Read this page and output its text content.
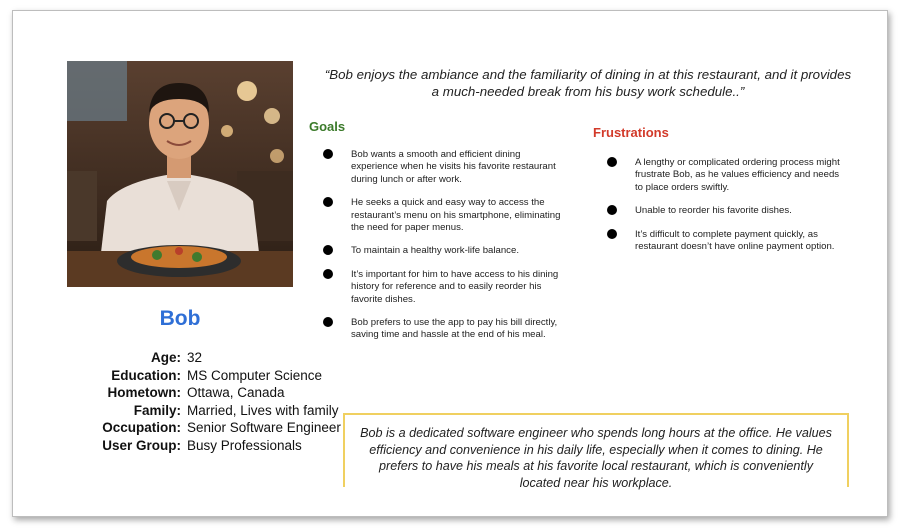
Bob
Age: 32
Education: MS Computer Science
Hometown: Ottawa, Canada
Family: Married, Lives with family
Occupation: Senior Software Engineer
User Group: Busy Professionals
“Bob enjoys the ambiance and the familiarity of dining in at this restaurant, and it provides a much-needed break from his busy work schedule..”
Goals
Bob wants a smooth and efficient dining experience when he visits his favorite restaurant during lunch or after work.
He seeks a quick and easy way to access the restaurant’s menu on his smartphone, eliminating the need for paper menus.
To maintain a healthy work-life balance.
It’s important for him to have access to his dining history for reference and to easily reorder his favorite dishes.
Bob prefers to use the app to pay his bill directly, saving time and hassle at the end of his meal.
Frustrations
A lengthy or complicated ordering process might frustrate Bob, as he values efficiency and needs to place orders swiftly.
Unable to reorder his favorite dishes.
It’s difficult to complete payment quickly, as restaurant doesn’t have online payment option.
Bob is a dedicated software engineer who spends long hours at the office. He values efficiency and convenience in his daily life, especially when it comes to dining. He prefers to have his meals at his favorite local restaurant, which is conveniently located near his workplace.
